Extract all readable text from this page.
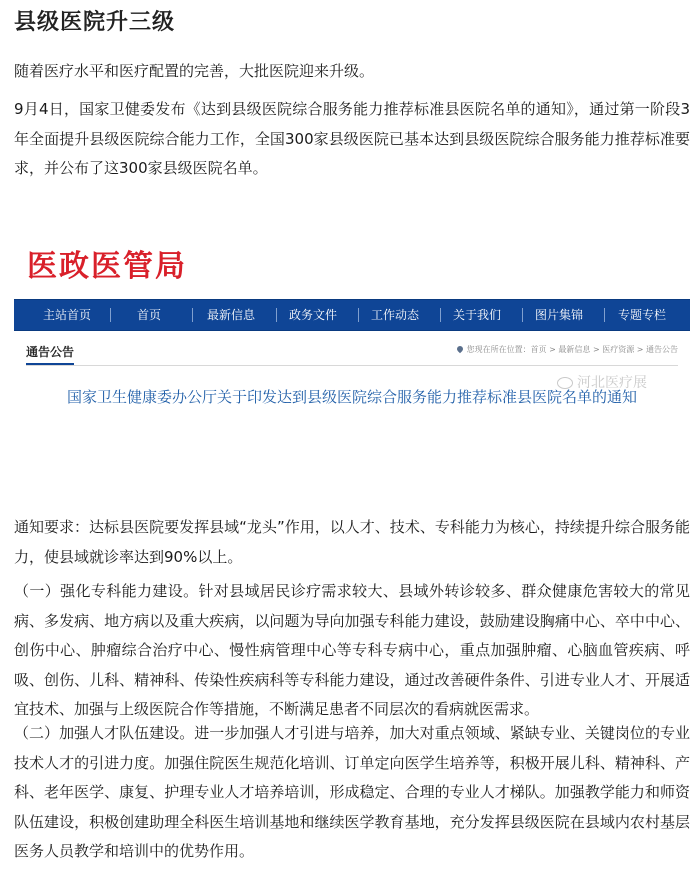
县级医院升三级
随着医疗水平和医疗配置的完善，大批医院迎来升级。
9月4日，国家卫健委发布《达到县级医院综合服务能力推荐标准县医院名单的通知》，通过第一阶段3年全面提升县级医院综合能力工作，全国300家县级医院已基本达到县级医院综合服务能力推荐标准要求，并公布了这300家县级医院名单。
医政医管局
主站首页	首页	最新信息	政务文件	工作动态	关于我们	图片集锦	专题专栏
通告公告	您现在所在位置：首页 > 最新信息 > 医疗资源 > 通告公告
国家卫生健康委办公厅关于印发达到县级医院综合服务能力推荐标准县医院名单的通知
河北医疗展
通知要求：达标县医院要发挥县域“龙头”作用，以人才、技术、专科能力为核心，持续提升综合服务能力，使县域就诊率达到90%以上。
（一）强化专科能力建设。针对县域居民诊疗需求较大、县域外转诊较多、群众健康危害较大的常见病、多发病、地方病以及重大疾病，以问题为导向加强专科能力建设，鼓励建设胸痛中心、卒中中心、创伤中心、肿瘤综合治疗中心、慢性病管理中心等专科专病中心，重点加强肿瘤、心脑血管疾病、呼吸、创伤、儿科、精神科、传染性疾病科等专科能力建设，通过改善硬件条件、引进专业人才、开展适宜技术、加强与上级医院合作等措施，不断满足患者不同层次的看病就医需求。
（二）加强人才队伍建设。进一步加强人才引进与培养，加大对重点领域、紧缺专业、关键岗位的专业技术人才的引进力度。加强住院医生规范化培训、订单定向医学生培养等，积极开展儿科、精神科、产科、老年医学、康复、护理专业人才培养培训，形成稳定、合理的专业人才梯队。加强教学能力和师资队伍建设，积极创建助理全科医生培训基地和继续医学教育基地，充分发挥县级医院在县域内农村基层医务人员教学和培训中的优势作用。
